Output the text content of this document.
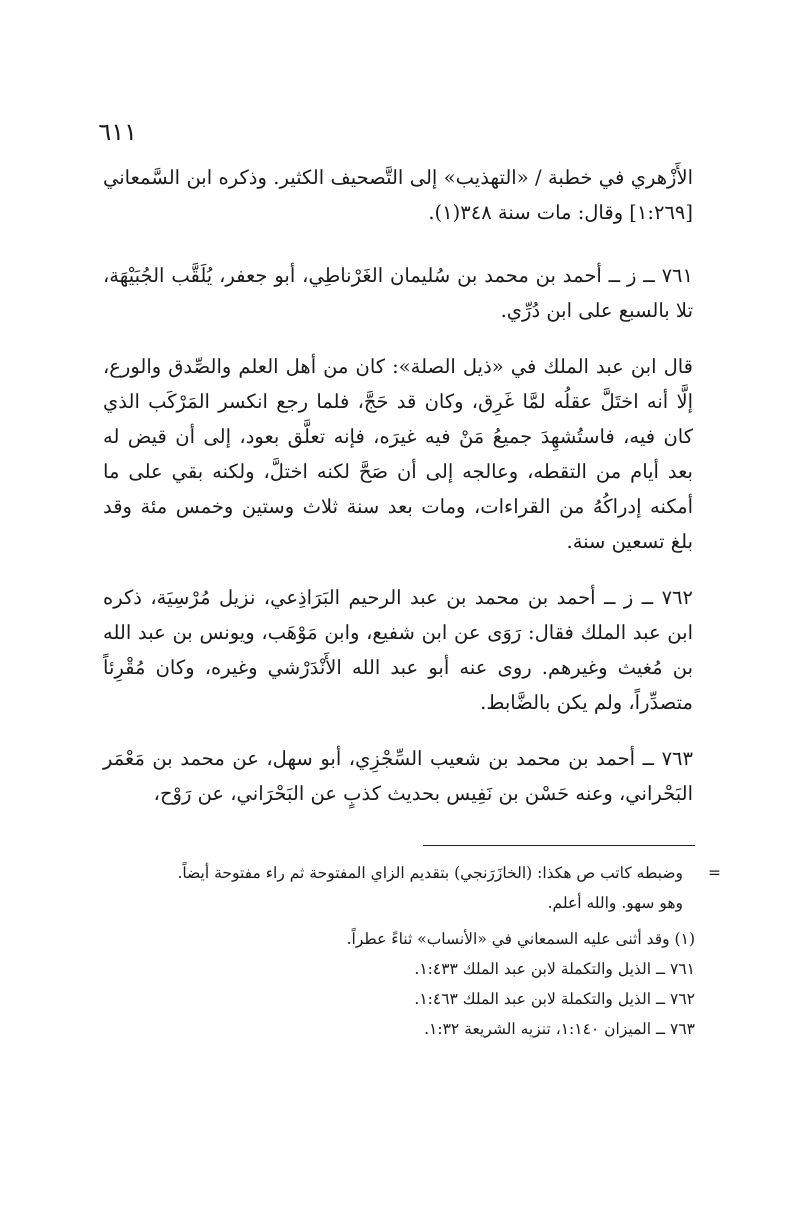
٦١١

الأَزْهري في خطبة / «التهذيب» إلى التَّصحيف الكثير. وذكره ابن السَّمعاني [١:٢٦٩] وقال: مات سنة ٣٤٨(١).

٧٦١ ــ ز ــ أحمد بن محمد بن سُليمان الغَرْناطِي، أبو جعفر، يُلَقَّب الجُبَيْهَة، تلا بالسبع على ابن دُرِّي.

قال ابن عبد الملك في «ذيل الصلة»: كان من أهل العلم والصِّدق والورع، إلَّا أنه اختَلَّ عقلُه لمَّا غَرِق، وكان قد حَجَّ، فلما رجع انكسر المَرْكَب الذي كان فيه، فاستُشهِدَ جميعُ مَنْ فيه غيرَه، فإنه تعلَّق بعود، إلى أن قيض له بعد أيام من التقطه، وعالجه إلى أن صَحَّ لكنه اختلَّ، ولكنه بقي على ما أمكنه إدراكُهُ من القراءات، ومات بعد سنة ثلاث وستين وخمس مئة وقد بلغ تسعين سنة.

٧٦٢ ــ ز ــ أحمد بن محمد بن عبد الرحيم البَرَاذِعي، نزيل مُرْسِيَة، ذكره ابن عبد الملك فقال: رَوَى عن ابن شفيع، وابن مَوْهَب، ويونس بن عبد الله بن مُغيث وغيرهم. روى عنه أبو عبد الله الأَنْدَرْشي وغيره، وكان مُقْرِئاً متصدِّراً، ولم يكن بالضَّابط.

٧٦٣ ــ أحمد بن محمد بن شعيب السِّجْزِي، أبو سهل، عن محمد بن مَعْمَر البَحْراني، وعنه حَسْن بن نَفِيس بحديث كذبٍ عن البَحْرَاني، عن رَوْح،

=
وضبطه كاتب ص هكذا: (الخازَرَنجي) بتقديم الزاي المفتوحة ثم راء مفتوحة أيضاً.

وهو سهو. والله أعلم.

(١) وقد أثنى عليه السمعاني في «الأنساب» ثناءً عطراً.

٧٦١ ــ الذيل والتكملة لابن عبد الملك ١:٤٣٣.

٧٦٢ ــ الذيل والتكملة لابن عبد الملك ١:٤٦٣.

٧٦٣ ــ الميزان ١:١٤٠، تنزيه الشريعة ١:٣٢.
